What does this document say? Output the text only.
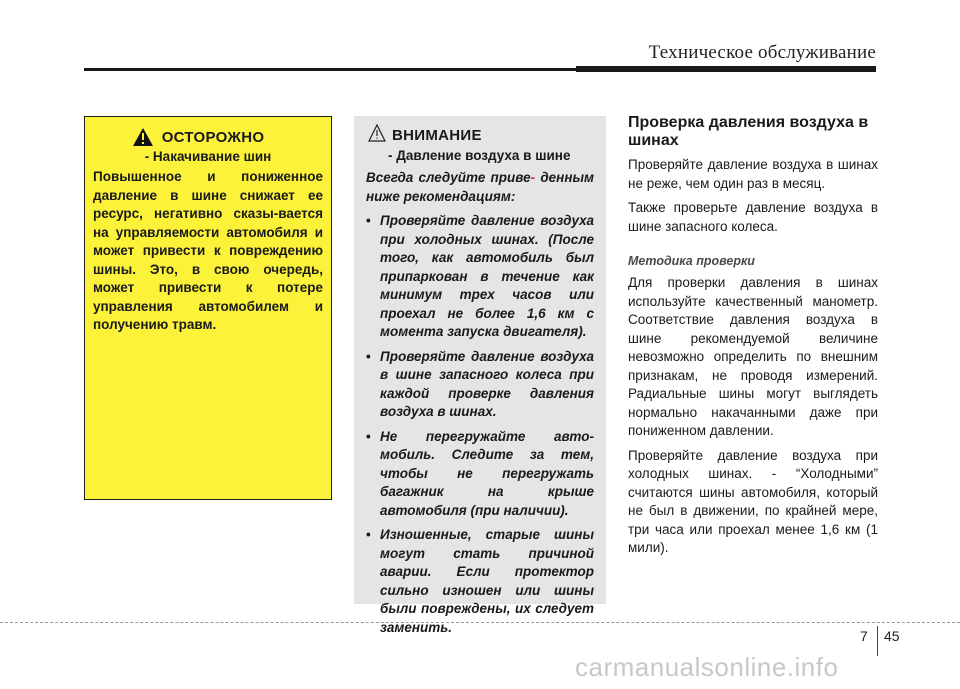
Техническое обслуживание
ОСТОРОЖНО
- Накачивание шин
Повышенное и пониженное давление в шине снижает ее ресурс, негативно сказы-вается на управляемости автомобиля и может привести к повреждению шины. Это, в свою очередь, может привести к потере управления автомобилем и получению травм.
ВНИМАНИЕ
- Давление воздуха в шине
Всегда следуйте приве- денным ниже рекомендациям:
• Проверяйте давление воздуха при холодных шинах. (После того, как автомобиль был припаркован в течение как минимум трех часов или проехал не более 1,6 км с момента запуска двигателя).
• Проверяйте давление воздуха в шине запасного колеса при каждой проверке давления воздуха в шинах.
• Не перегружайте авто-мобиль. Следите за тем, чтобы не перегружать багажник на крыше автомобиля (при наличии).
• Изношенные, старые шины могут стать причиной аварии. Если протектор сильно изношен или шины были повреждены, их следует заменить.
Проверка давления воздуха в шинах

Проверяйте давление воздуха в шинах не реже, чем один раз в месяц.

Также проверьте давление воздуха в шине запасного колеса.

Методика проверки

Для проверки давления в шинах используйте качественный манометр. Соответствие давления воздуха в шине рекомендуемой величине невозможно определить по внешним признакам, не проводя измерений. Радиальные шины могут выглядеть нормально накачанными даже при пониженном давлении.

Проверяйте давление воздуха при холодных шинах. - “Холодными” считаются шины автомобиля, который не был в движении, по крайней мере, три часа или проехал менее 1,6 км (1 мили).

7 45
carmanualsonline.info
